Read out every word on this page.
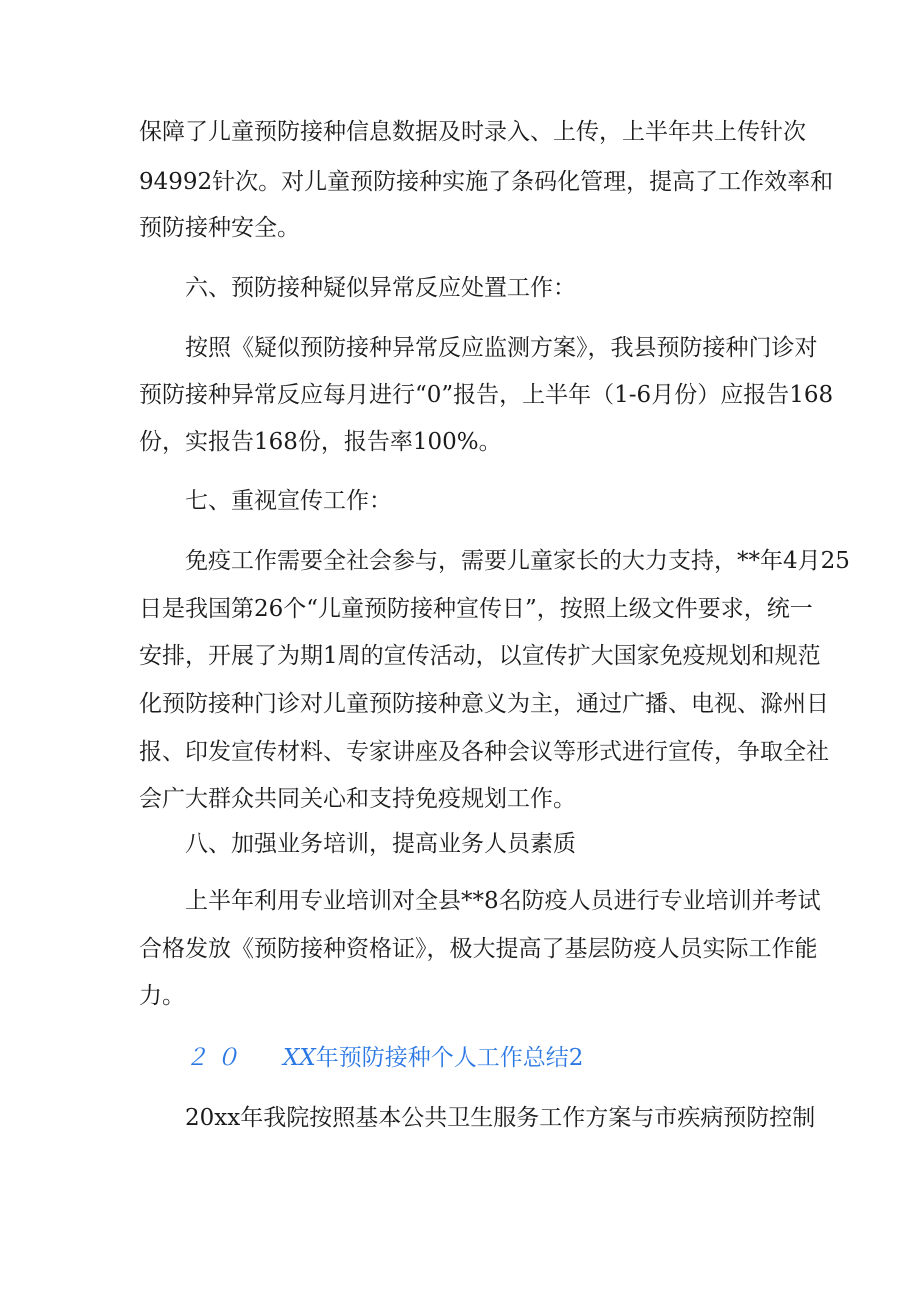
保障了儿童预防接种信息数据及时录入、上传，上半年共上传针次
94992针次。对儿童预防接种实施了条码化管理，提高了工作效率和
预防接种安全。
六、预防接种疑似异常反应处置工作：
按照《疑似预防接种异常反应监测方案》，我县预防接种门诊对
预防接种异常反应每月进行“0”报告，上半年（1-6月份）应报告168
份，实报告168份，报告率100%。
七、重视宣传工作：
免疫工作需要全社会参与，需要儿童家长的大力支持，**年4月25
日是我国第26个“儿童预防接种宣传日”，按照上级文件要求，统一
安排，开展了为期1周的宣传活动，以宣传扩大国家免疫规划和规范
化预防接种门诊对儿童预防接种意义为主，通过广播、电视、滁州日
报、印发宣传材料、专家讲座及各种会议等形式进行宣传，争取全社
会广大群众共同关心和支持免疫规划工作。
八、加强业务培训，提高业务人员素质
上半年利用专业培训对全县**8名防疫人员进行专业培训并考试
合格发放《预防接种资格证》，极大提高了基层防疫人员实际工作能
力。
２０ XX年预防接种个人工作总结2
20xx年我院按照基本公共卫生服务工作方案与市疾病预防控制
